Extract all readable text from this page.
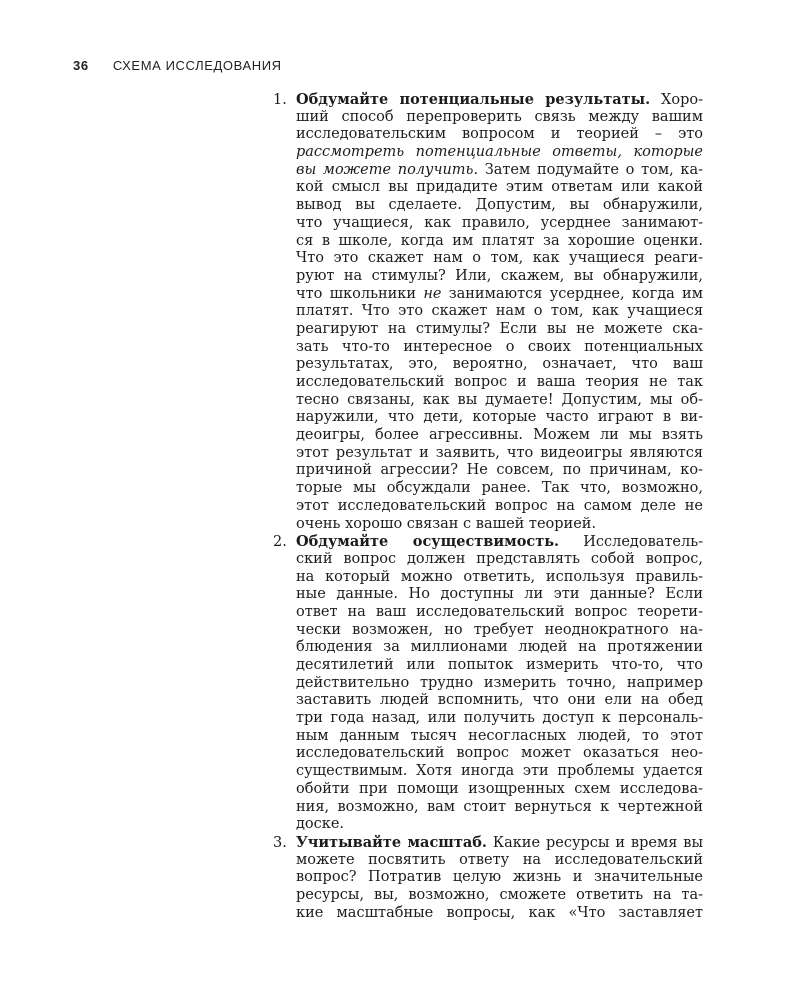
36 СХЕМА ИССЛЕДОВАНИЯ
1. Обдумайте потенциальные результаты. Хоро-
ший способ перепроверить связь между вашим
исследовательским вопросом и теорией – это
рассмотреть потенциальные ответы, которые
вы можете получить. Затем подумайте о том, ка-
кой смысл вы придадите этим ответам или какой
вывод вы сделаете. Допустим, вы обнаружили,
что учащиеся, как правило, усерднее занимают-
ся в школе, когда им платят за хорошие оценки.
Что это скажет нам о том, как учащиеся реаги-
руют на стимулы? Или, скажем, вы обнаружили,
что школьники не занимаются усерднее, когда им
платят. Что это скажет нам о том, как учащиеся
реагируют на стимулы? Если вы не можете ска-
зать что-то интересное о своих потенциальных
результатах, это, вероятно, означает, что ваш
исследовательский вопрос и ваша теория не так
тесно связаны, как вы думаете! Допустим, мы об-
наружили, что дети, которые часто играют в ви-
деоигры, более агрессивны. Можем ли мы взять
этот результат и заявить, что видеоигры являются
причиной агрессии? Не совсем, по причинам, ко-
торые мы обсуждали ранее. Так что, возможно,
этот исследовательский вопрос на самом деле не
очень хорошо связан с вашей теорией.
2. Обдумайте осуществимость. Исследователь-
ский вопрос должен представлять собой вопрос,
на который можно ответить, используя правиль-
ные данные. Но доступны ли эти данные? Если
ответ на ваш исследовательский вопрос теорети-
чески возможен, но требует неоднократного на-
блюдения за миллионами людей на протяжении
десятилетий или попыток измерить что-то, что
действительно трудно измерить точно, например
заставить людей вспомнить, что они ели на обед
три года назад, или получить доступ к персональ-
ным данным тысяч несогласных людей, то этот
исследовательский вопрос может оказаться нео-
существимым. Хотя иногда эти проблемы удается
обойти при помощи изощренных схем исследова-
ния, возможно, вам стоит вернуться к чертежной
доске.
3. Учитывайте масштаб. Какие ресурсы и время вы
можете посвятить ответу на исследовательский
вопрос? Потратив целую жизнь и значительные
ресурсы, вы, возможно, сможете ответить на та-
кие масштабные вопросы, как «Что заставляет
